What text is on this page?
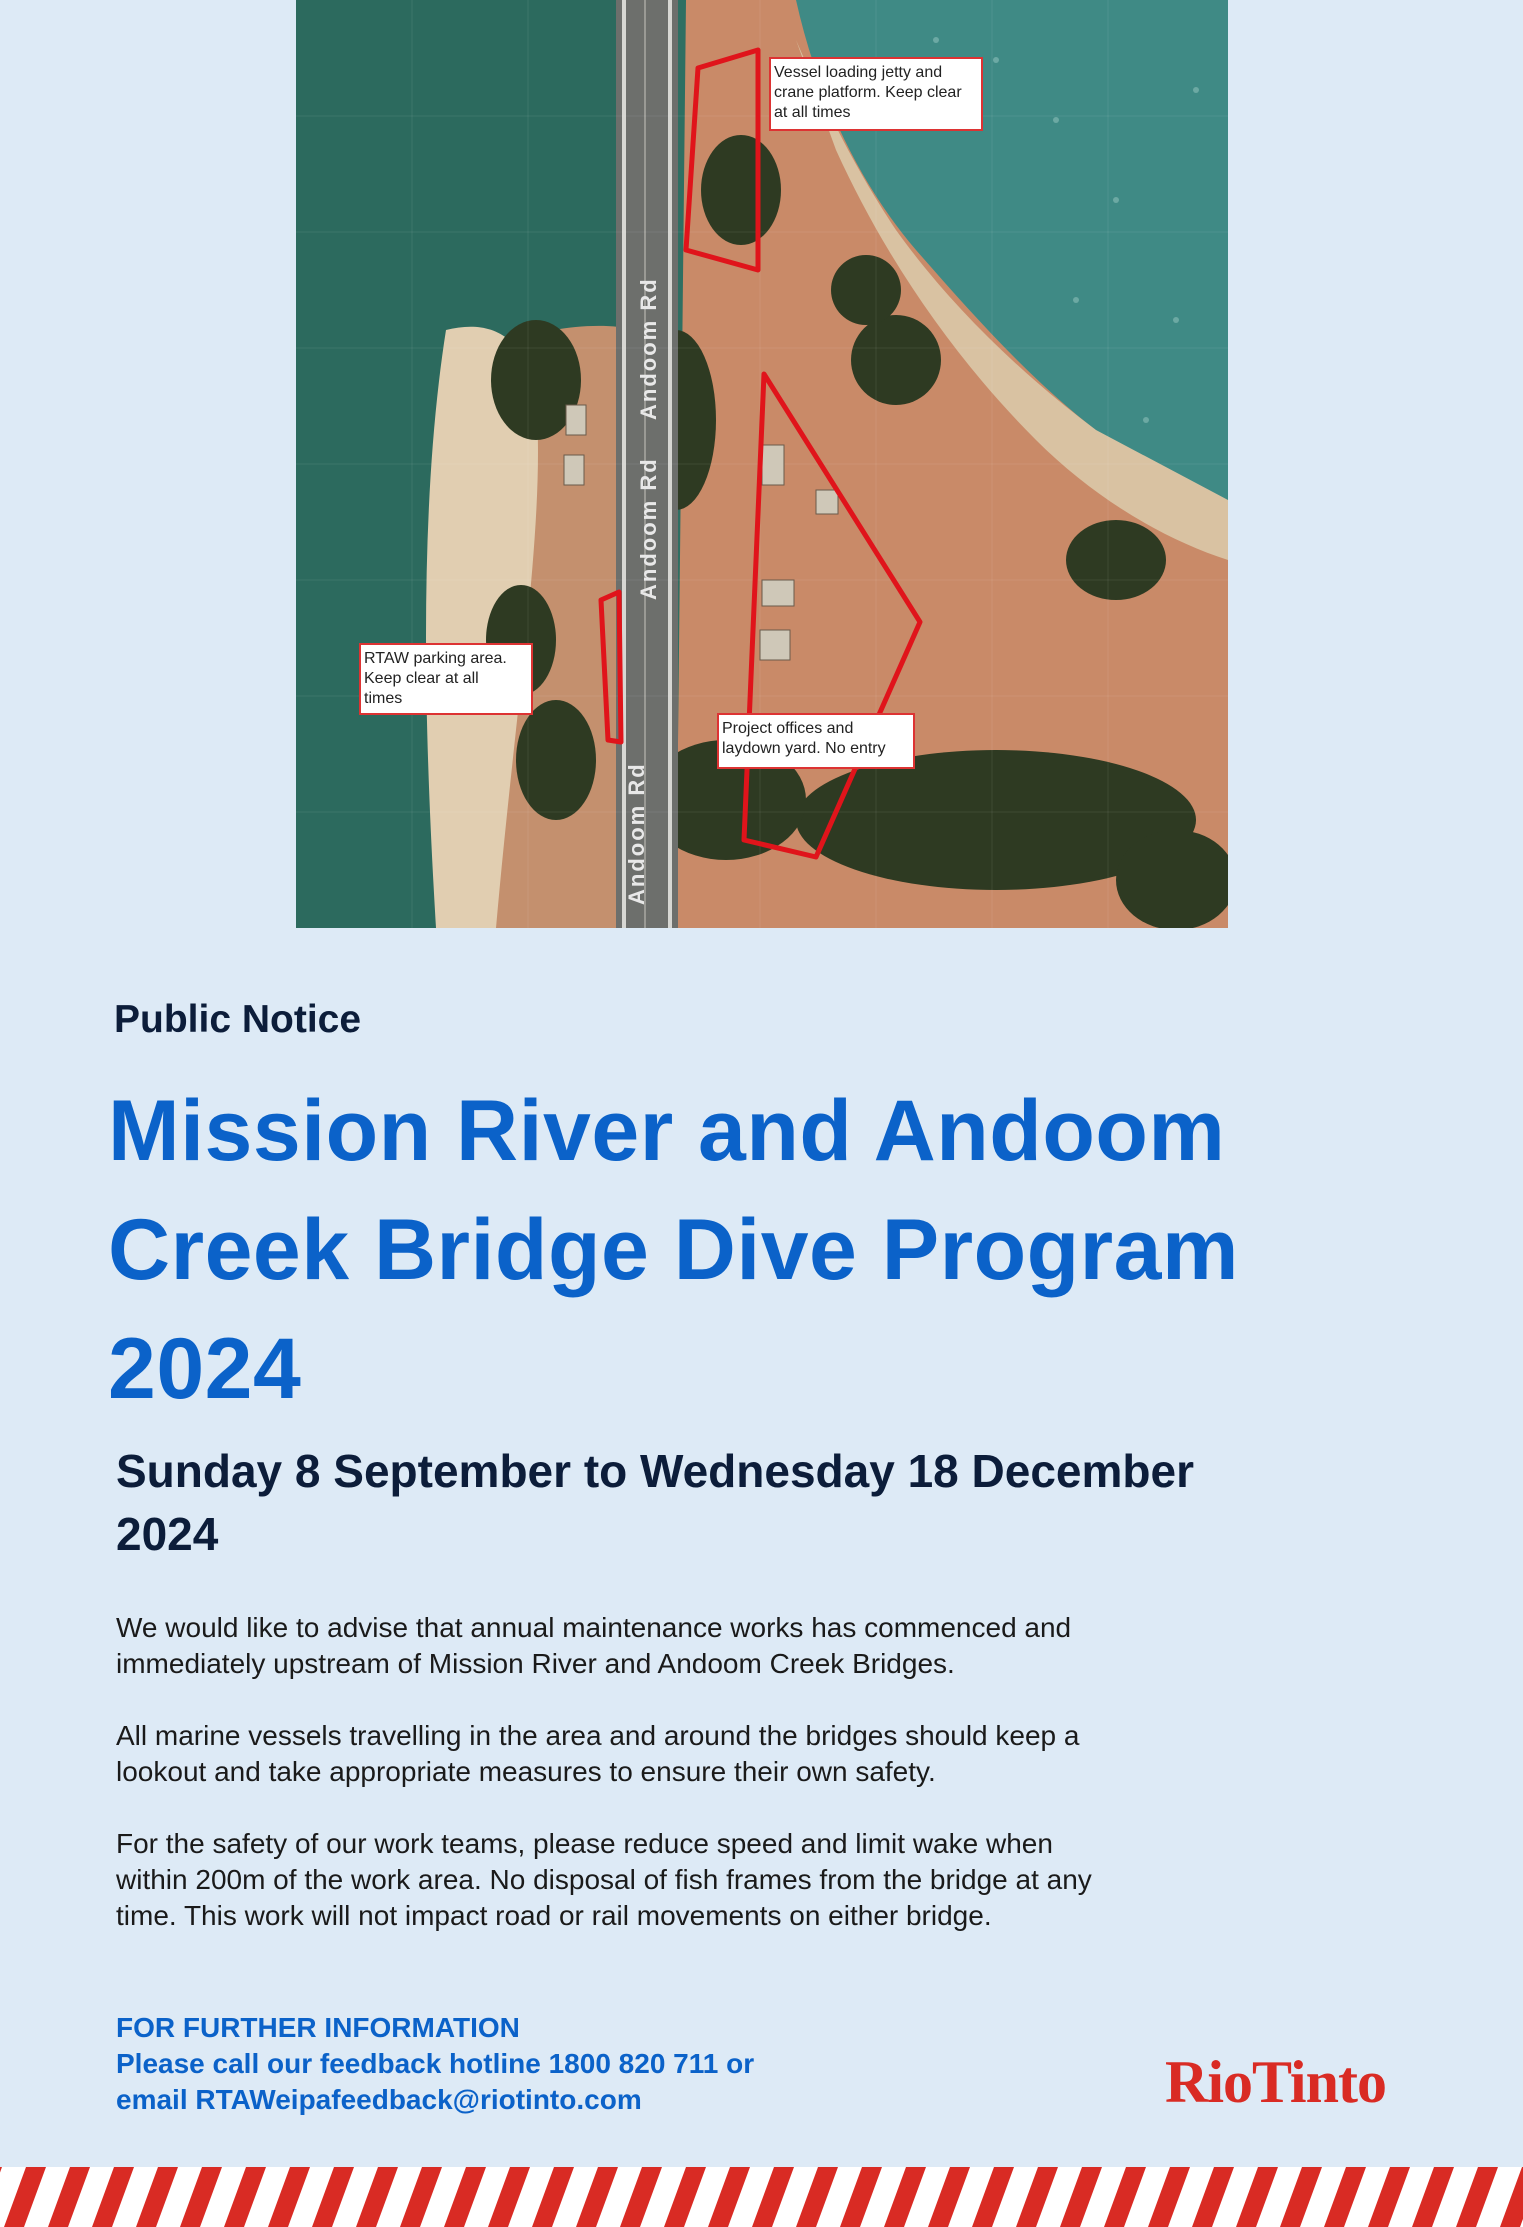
Andoom Rd
Andoom Rd
Andoom Rd
Vessel loading jetty and
crane platform. Keep clear
at all times
RTAW parking area.
Keep clear at all
times
Project offices and
laydown yard. No entry
Public Notice
Mission River and Andoom
Creek Bridge Dive Program
2024
Sunday 8 September to Wednesday 18 December
2024
We would like to advise that annual maintenance works has commenced and
immediately upstream of Mission River and Andoom Creek Bridges.
All marine vessels travelling in the area and around the bridges should keep a
lookout and take appropriate measures to ensure their own safety.
For the safety of our work teams, please reduce speed and limit wake when
within 200m of the work area. No disposal of fish frames from the bridge at any
time. This work will not impact road or rail movements on either bridge.
FOR FURTHER INFORMATION
Please call our feedback hotline 1800 820 711 or
email RTAWeipafeedback@riotinto.com	RioTinto
